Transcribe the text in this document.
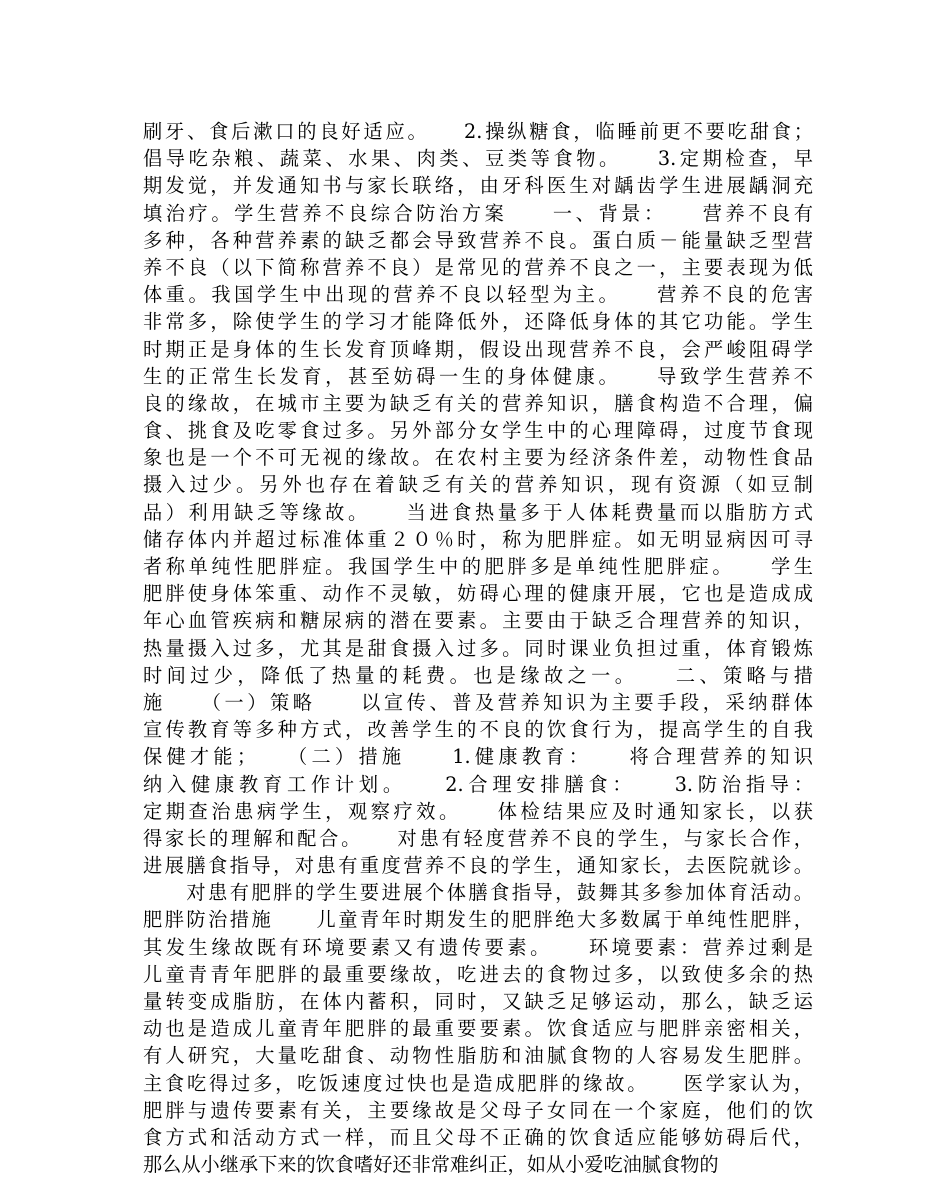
刷牙、食后漱口的良好适应。　　2.操纵糖食，临睡前更不要吃甜食；
倡导吃杂粮、蔬菜、水果、肉类、豆类等食物。　　3.定期检查，早
期发觉，并发通知书与家长联络，由牙科医生对龋齿学生进展龋洞充
填治疗。学生营养不良综合防治方案　　一、背景：　　营养不良有
多种，各种营养素的缺乏都会导致营养不良。蛋白质－能量缺乏型营
养不良（以下简称营养不良）是常见的营养不良之一，主要表现为低
体重。我国学生中出现的营养不良以轻型为主。　　营养不良的危害
非常多，除使学生的学习才能降低外，还降低身体的其它功能。学生
时期正是身体的生长发育顶峰期，假设出现营养不良，会严峻阻碍学
生的正常生长发育，甚至妨碍一生的身体健康。　　导致学生营养不
良的缘故，在城市主要为缺乏有关的营养知识，膳食构造不合理，偏
食、挑食及吃零食过多。另外部分女学生中的心理障碍，过度节食现
象也是一个不可无视的缘故。在农村主要为经济条件差，动物性食品
摄入过少。另外也存在着缺乏有关的营养知识，现有资源（如豆制
品）利用缺乏等缘故。　　当进食热量多于人体耗费量而以脂肪方式
储存体内并超过标准体重２０％时，称为肥胖症。如无明显病因可寻
者称单纯性肥胖症。我国学生中的肥胖多是单纯性肥胖症。　　学生
肥胖使身体笨重、动作不灵敏，妨碍心理的健康开展，它也是造成成
年心血管疾病和糖尿病的潜在要素。主要由于缺乏合理营养的知识，
热量摄入过多，尤其是甜食摄入过多。同时课业负担过重，体育锻炼
时间过少，降低了热量的耗费。也是缘故之一。　　二、策略与措
施　　（一）策略　　以宣传、普及营养知识为主要手段，采纳群体
宣传教育等多种方式，改善学生的不良的饮食行为，提高学生的自我
保健才能；　　（二）措施　　1.健康教育：　　将合理营养的知识
纳入健康教育工作计划。　　2.合理安排膳食：　　3.防治指导：
定期查治患病学生，观察疗效。　　体检结果应及时通知家长，以获
得家长的理解和配合。　　对患有轻度营养不良的学生，与家长合作，
进展膳食指导，对患有重度营养不良的学生，通知家长，去医院就诊。
　　对患有肥胖的学生要进展个体膳食指导，鼓舞其多参加体育活动。
肥胖防治措施　　儿童青年时期发生的肥胖绝大多数属于单纯性肥胖，
其发生缘故既有环境要素又有遗传要素。　　环境要素：营养过剩是
儿童青青年肥胖的最重要缘故，吃进去的食物过多，以致使多余的热
量转变成脂肪，在体内蓄积，同时，又缺乏足够运动，那么，缺乏运
动也是造成儿童青年肥胖的最重要要素。饮食适应与肥胖亲密相关，
有人研究，大量吃甜食、动物性脂肪和油腻食物的人容易发生肥胖。
主食吃得过多，吃饭速度过快也是造成肥胖的缘故。　　医学家认为，
肥胖与遗传要素有关，主要缘故是父母子女同在一个家庭，他们的饮
食方式和活动方式一样，而且父母不正确的饮食适应能够妨碍后代，
那么从小继承下来的饮食嗜好还非常难纠正，如从小爱吃油腻食物的
